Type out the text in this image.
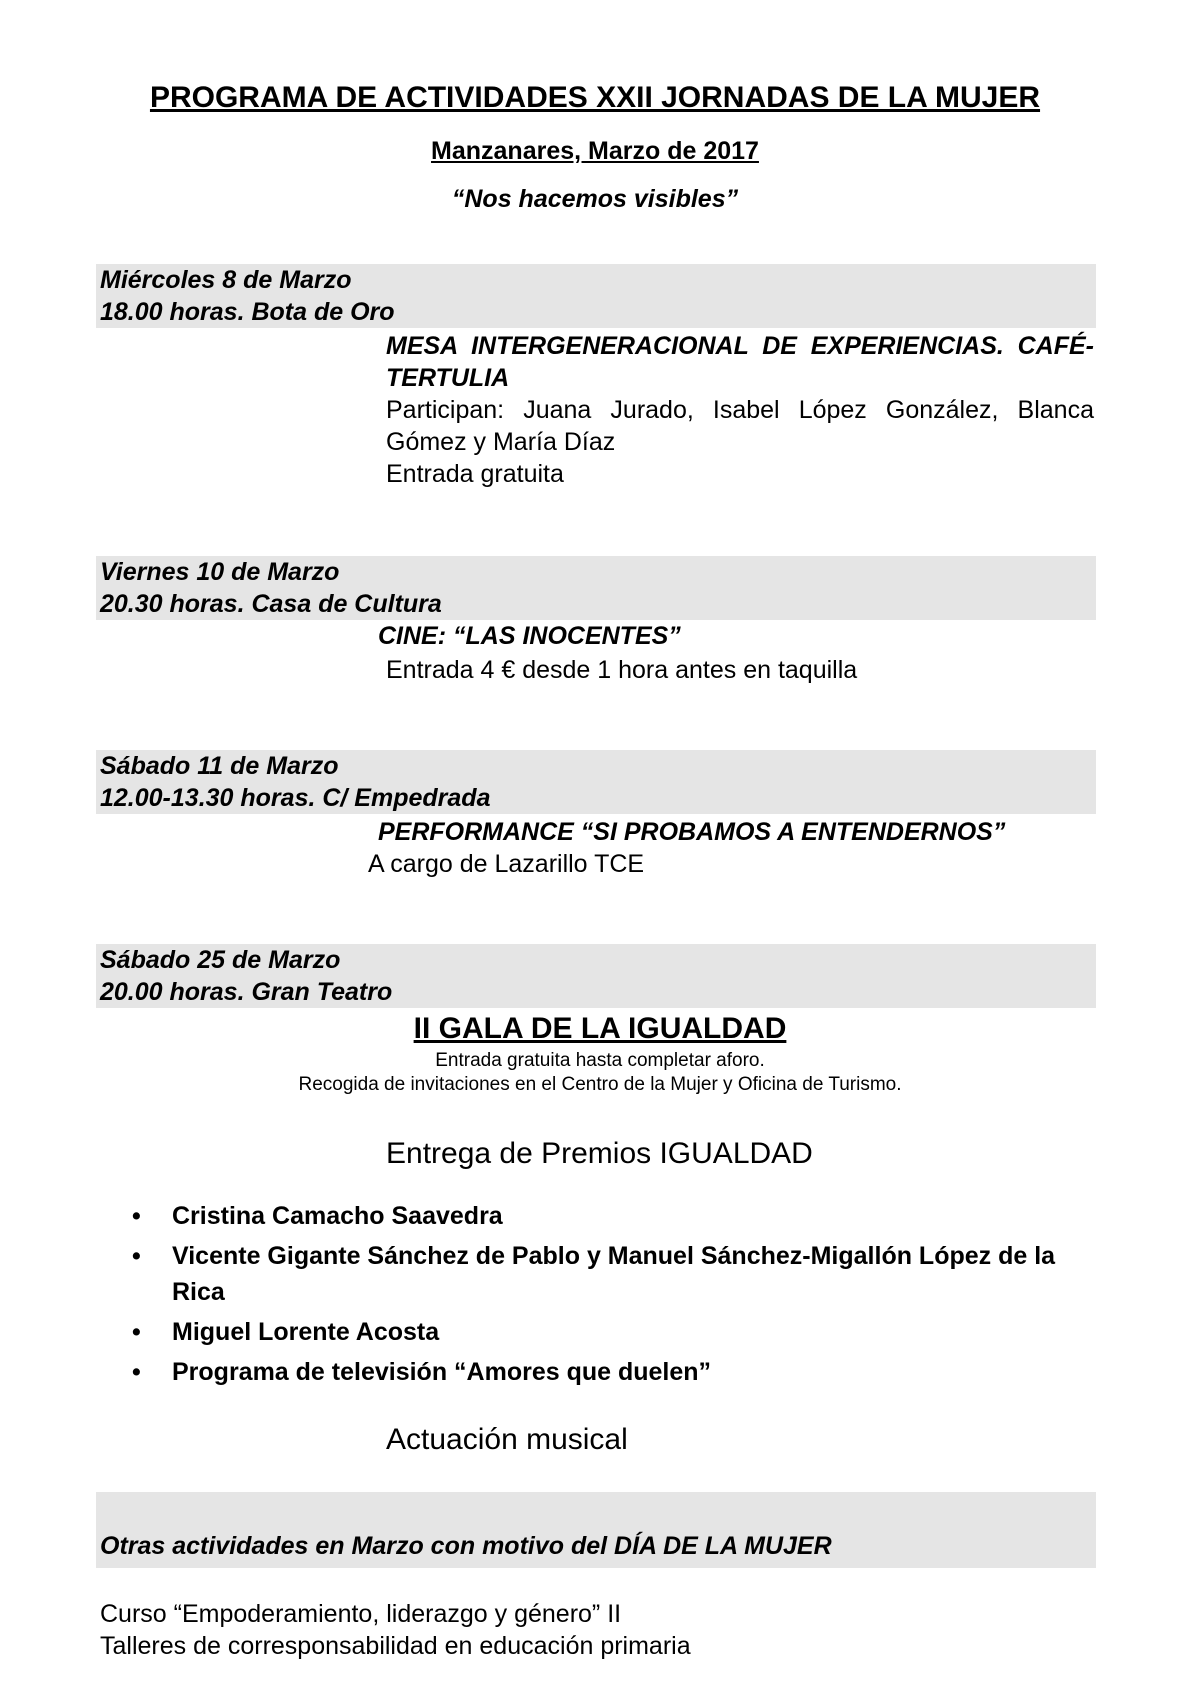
PROGRAMA DE ACTIVIDADES XXII JORNADAS DE LA MUJER
Manzanares, Marzo de 2017
“Nos hacemos visibles”
Miércoles 8 de Marzo
18.00 horas. Bota de Oro
MESA INTERGENERACIONAL DE EXPERIENCIAS. CAFÉ-TERTULIA
Participan: Juana Jurado, Isabel López González, Blanca Gómez y María Díaz
Entrada gratuita
Viernes 10 de Marzo
20.30 horas. Casa de Cultura
CINE: “LAS INOCENTES”
Entrada 4 € desde 1 hora antes en taquilla
Sábado 11 de Marzo
12.00-13.30 horas. C/ Empedrada
PERFORMANCE “SI PROBAMOS A ENTENDERNOS”
A cargo de Lazarillo TCE
Sábado 25 de Marzo
20.00 horas. Gran Teatro
II GALA DE LA IGUALDAD
Entrada gratuita hasta completar aforo.
Recogida de invitaciones en el Centro de la Mujer y Oficina de Turismo.
Entrega de Premios IGUALDAD
• Cristina Camacho Saavedra
• Vicente Gigante Sánchez de Pablo y Manuel Sánchez-Migallón López de la Rica
• Miguel Lorente Acosta
• Programa de televisión “Amores que duelen”
Actuación musical
Otras actividades en Marzo con motivo del DÍA DE LA MUJER
Curso “Empoderamiento, liderazgo y género” II
Talleres de corresponsabilidad en educación primaria
